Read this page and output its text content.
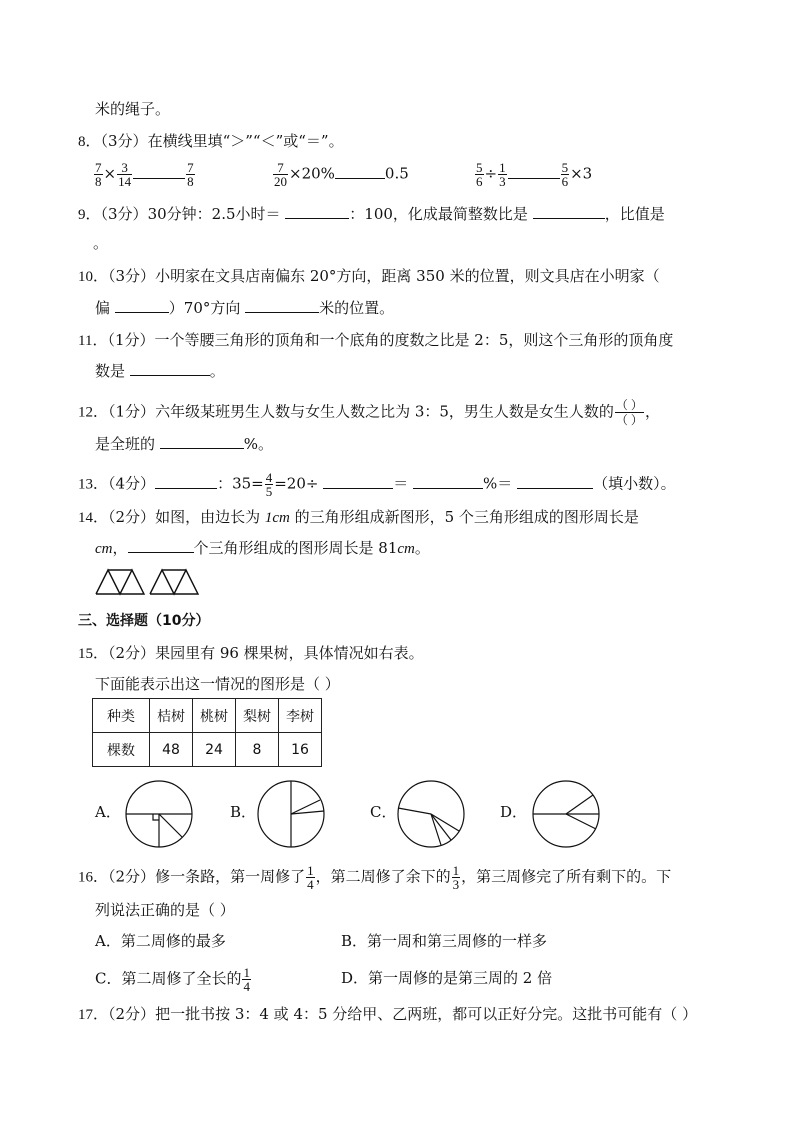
米的绳子。
8．（3分）在横线里填“＞”“＜”或“＝”。
$\frac{7}{8} \times \frac{3}{14}$	$\frac{7}{8}$	$\frac{7}{20} \times 20\%$	0.5	$\frac{5}{6} \div \frac{1}{3}$	$\frac{5}{6} \times 3$
9．（3分）30分钟：2.5小时＝	：100，化成最简整数比是	，比值是
。
10．（3分）小明家在文具店南偏东 20°方向，距离 350 米的位置，则文具店在小明家（
偏	）70°方向	米的位置。
11．（1分）一个等腰三角形的顶角和一个底角的度数之比是 2：5，则这个三角形的顶角度
数是	。
12．（1分）六年级某班男生人数与女生人数之比为 3：5，男生人数是女生人数的 $\frac{( )}{( )}$ ，
是全班的	%。
13．（4分）	：$35= \frac{4}{5} =20\div$	＝	%＝	（填小数）。
14．（2分）如图，由边长为 1cm 的三角形组成新图形，5 个三角形组成的图形周长是
cm，	个三角形组成的图形周长是 81cm。
三、选择题（10分）
15．（2分）果园里有 96 棵果树，具体情况如右表。
下面能表示出这一情况的图形是（ ）
种类	桔树	桃树	梨树	李树
棵数	48	24	8	16
A．	B．	C．	D．
16．（2分）修一条路，第一周修了 $\frac{1}{4}$ ，第二周修了余下的 $\frac{1}{3}$ ，第三周修完了所有剩下的。下
列说法正确的是（ ）
A．第二周修的最多	B．第一周和第三周修的一样多
C．第二周修了全长的 $\frac{1}{4}$	D．第一周修的是第三周的 2 倍
17．（2分）把一批书按 3：4 或 4：5 分给甲、乙两班，都可以正好分完。这批书可能有（ ）
